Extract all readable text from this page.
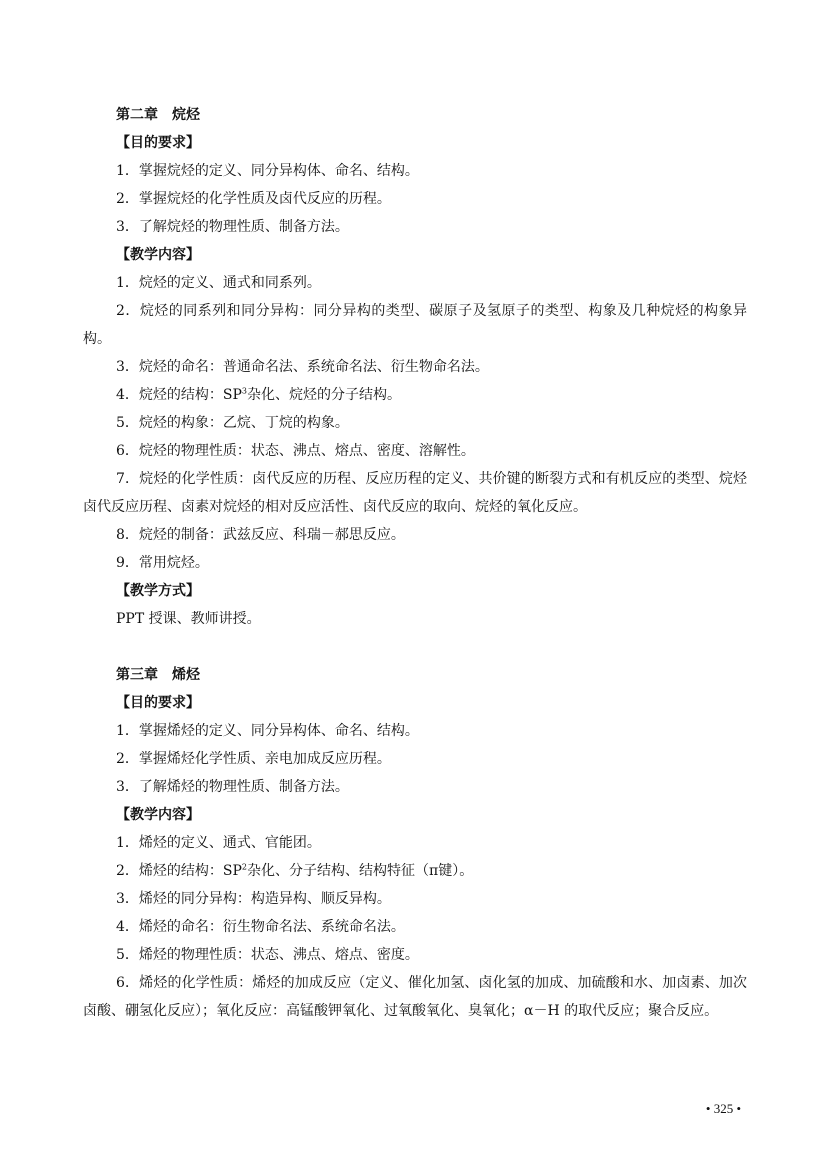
第二章 烷烃
【目的要求】
1．掌握烷烃的定义、同分异构体、命名、结构。
2．掌握烷烃的化学性质及卤代反应的历程。
3．了解烷烃的物理性质、制备方法。
【教学内容】
1．烷烃的定义、通式和同系列。
2．烷烃的同系列和同分异构：同分异构的类型、碳原子及氢原子的类型、构象及几种烷烃的构象异构。
3．烷烃的命名：普通命名法、系统命名法、衍生物命名法。
4．烷烃的结构：$SP^3$杂化、烷烃的分子结构。
5．烷烃的构象：乙烷、丁烷的构象。
6．烷烃的物理性质：状态、沸点、熔点、密度、溶解性。
7．烷烃的化学性质：卤代反应的历程、反应历程的定义、共价键的断裂方式和有机反应的类型、烷烃卤代反应历程、卤素对烷烃的相对反应活性、卤代反应的取向、烷烃的氧化反应。
8．烷烃的制备：武兹反应、科瑞－郝思反应。
9．常用烷烃。
【教学方式】
PPT 授课、教师讲授。
第三章 烯烃
【目的要求】
1．掌握烯烃的定义、同分异构体、命名、结构。
2．掌握烯烃化学性质、亲电加成反应历程。
3．了解烯烃的物理性质、制备方法。
【教学内容】
1．烯烃的定义、通式、官能团。
2．烯烃的结构：$SP^2$杂化、分子结构、结构特征（π键）。
3．烯烃的同分异构：构造异构、顺反异构。
4．烯烃的命名：衍生物命名法、系统命名法。
5．烯烃的物理性质：状态、沸点、熔点、密度。
6．烯烃的化学性质：烯烃的加成反应（定义、催化加氢、卤化氢的加成、加硫酸和水、加卤素、加次卤酸、硼氢化反应）；氧化反应：高锰酸钾氧化、过氧酸氧化、臭氧化；α－H 的取代反应；聚合反应。
• 325 •
